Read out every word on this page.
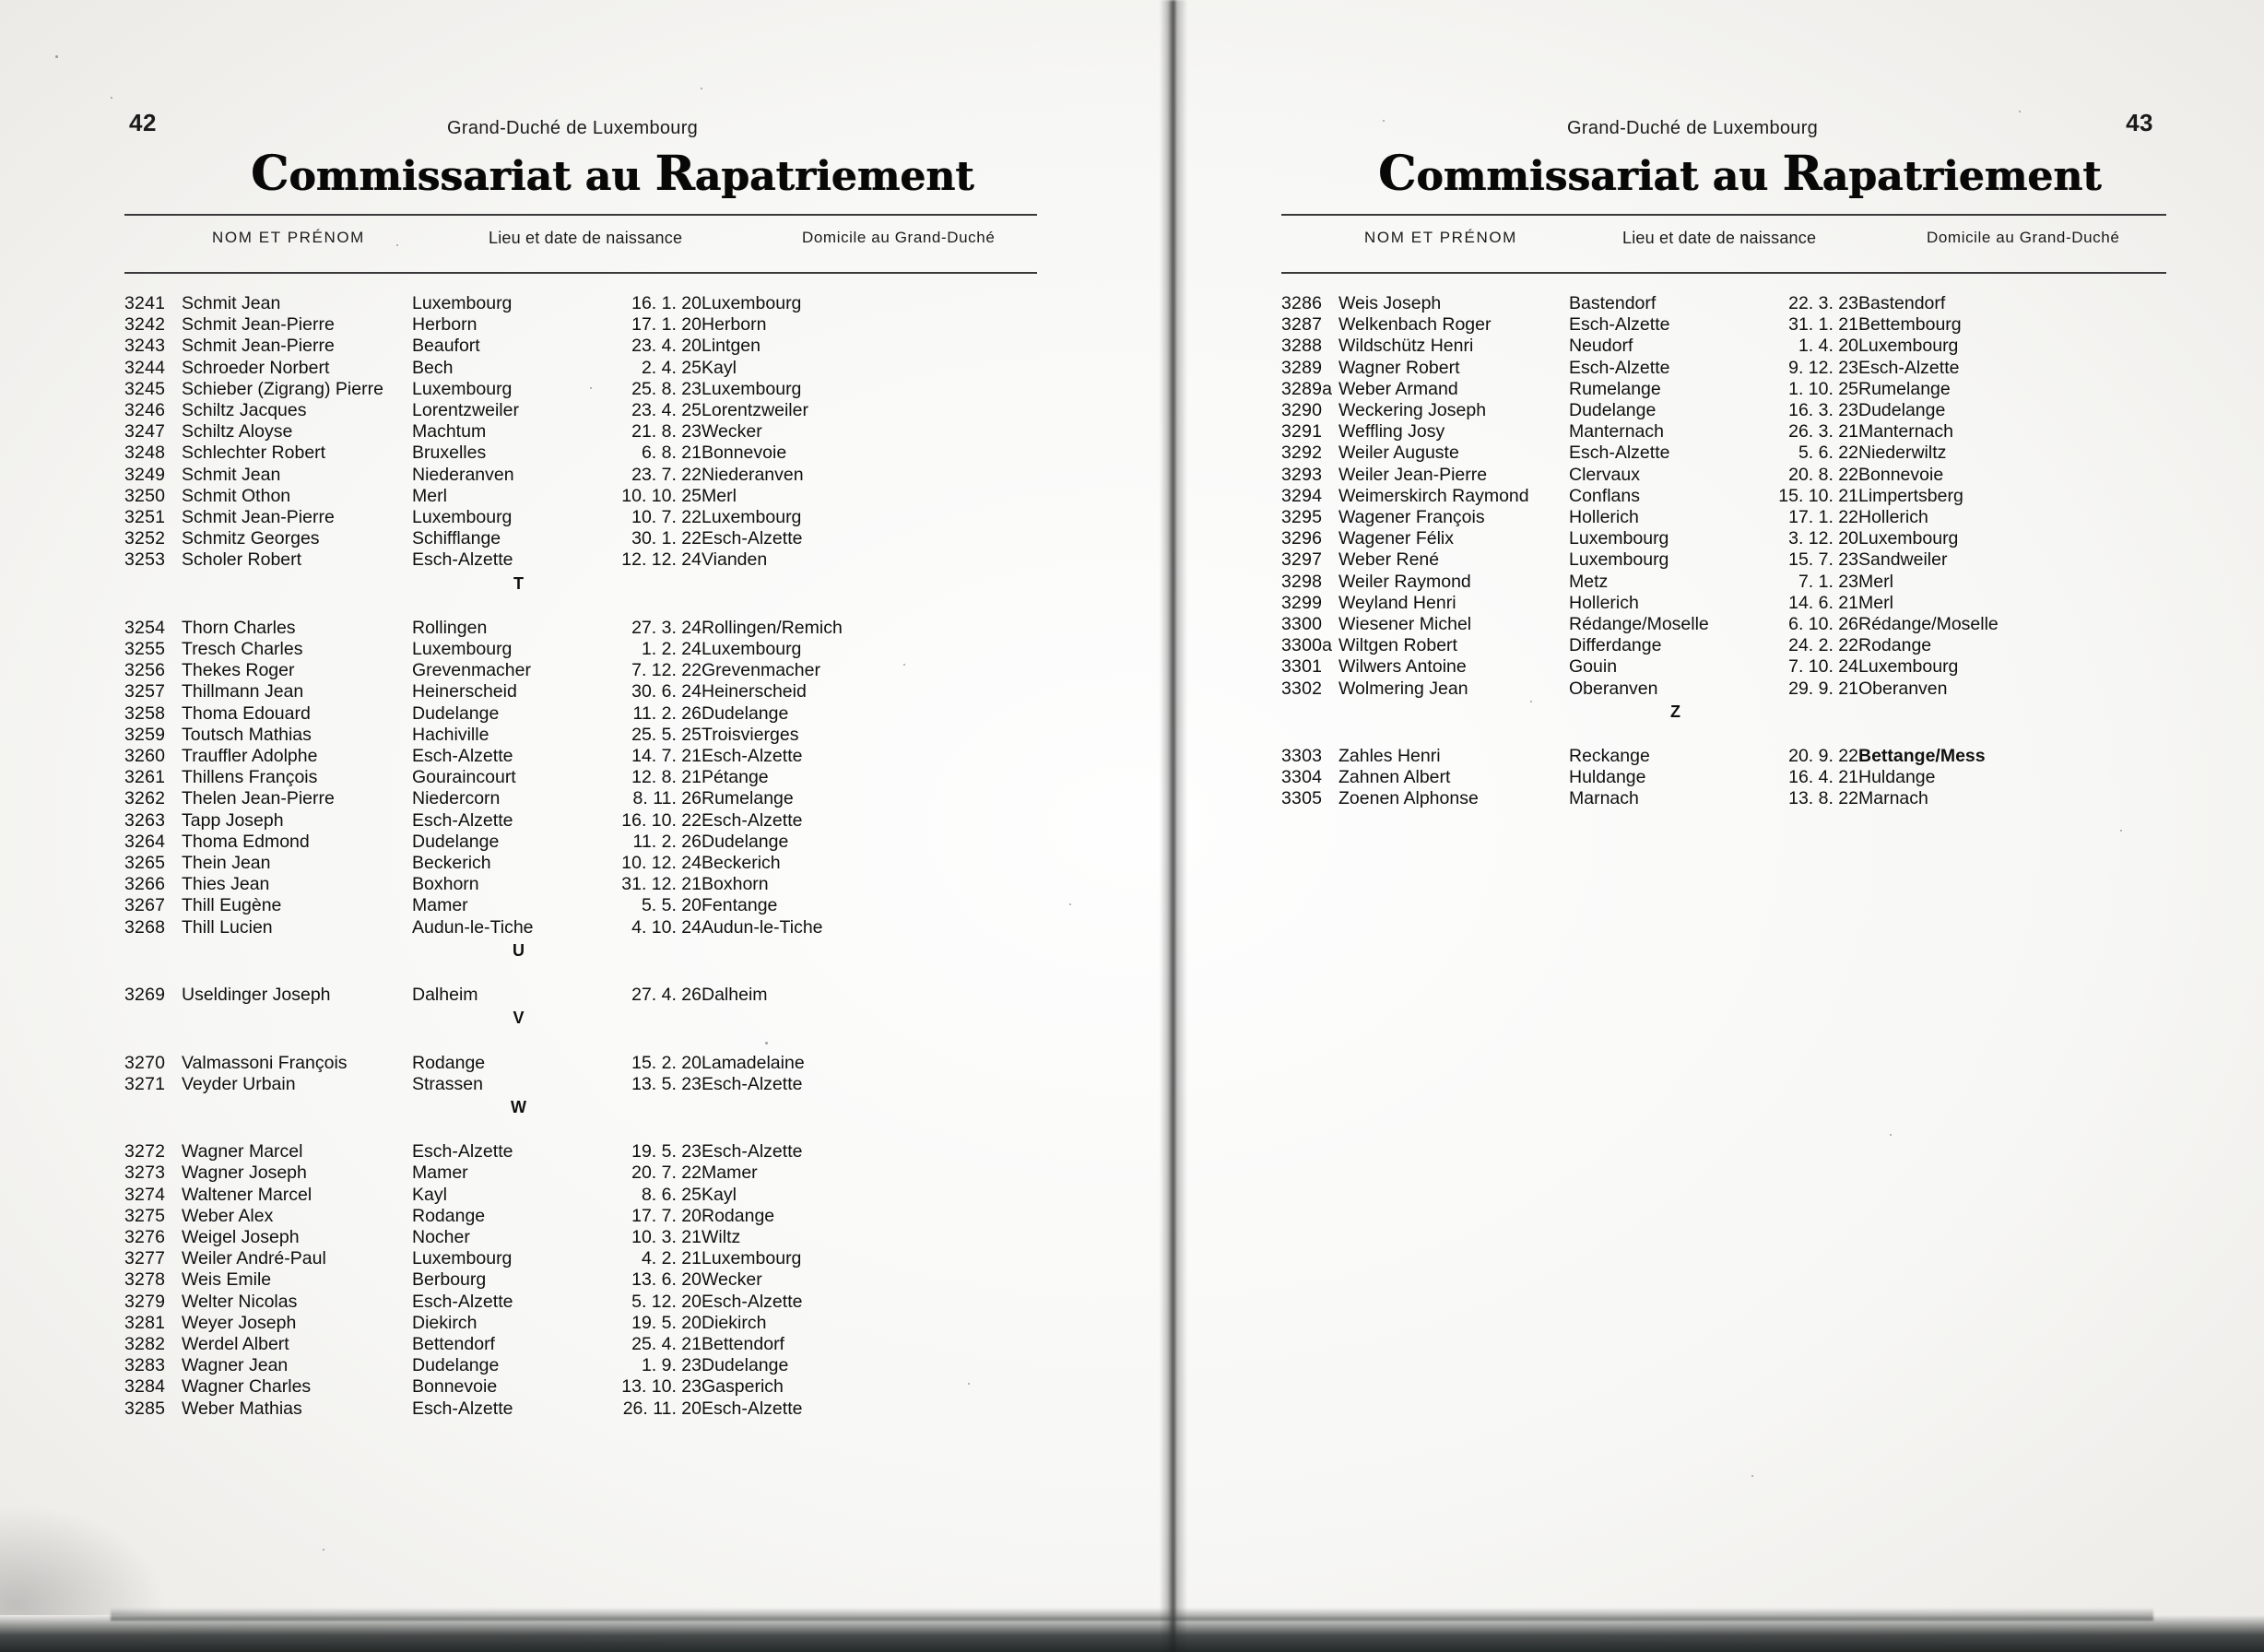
42	Grand-Duché de Luxembourg
Commissariat au Rapatriement
NOM ET PRÉNOM	Lieu et date de naissance	Domicile au Grand-Duché
3241	Schmit Jean	Luxembourg	16. 1. 20	Luxembourg
3242	Schmit Jean-Pierre	Herborn	17. 1. 20	Herborn
3243	Schmit Jean-Pierre	Beaufort	23. 4. 20	Lintgen
3244	Schroeder Norbert	Bech	2. 4. 25	Kayl
3245	Schieber (Zigrang) Pierre	Luxembourg	25. 8. 23	Luxembourg
3246	Schiltz Jacques	Lorentzweiler	23. 4. 25	Lorentzweiler
3247	Schiltz Aloyse	Machtum	21. 8. 23	Wecker
3248	Schlechter Robert	Bruxelles	6. 8. 21	Bonnevoie
3249	Schmit Jean	Niederanven	23. 7. 22	Niederanven
3250	Schmit Othon	Merl	10. 10. 25	Merl
3251	Schmit Jean-Pierre	Luxembourg	10. 7. 22	Luxembourg
3252	Schmitz Georges	Schifflange	30. 1. 22	Esch-Alzette
3253	Scholer Robert	Esch-Alzette	12. 12. 24	Vianden
T				

3254	Thorn Charles	Rollingen	27. 3. 24	Rollingen/Remich
3255	Tresch Charles	Luxembourg	1. 2. 24	Luxembourg
3256	Thekes Roger	Grevenmacher	7. 12. 22	Grevenmacher
3257	Thillmann Jean	Heinerscheid	30. 6. 24	Heinerscheid
3258	Thoma Edouard	Dudelange	11. 2. 26	Dudelange
3259	Toutsch Mathias	Hachiville	25. 5. 25	Troisvierges
3260	Trauffler Adolphe	Esch-Alzette	14. 7. 21	Esch-Alzette
3261	Thillens François	Gouraincourt	12. 8. 21	Pétange
3262	Thelen Jean-Pierre	Niedercorn	8. 11. 26	Rumelange
3263	Tapp Joseph	Esch-Alzette	16. 10. 22	Esch-Alzette
3264	Thoma Edmond	Dudelange	11. 2. 26	Dudelange
3265	Thein Jean	Beckerich	10. 12. 24	Beckerich
3266	Thies Jean	Boxhorn	31. 12. 21	Boxhorn
3267	Thill Eugène	Mamer	5. 5. 20	Fentange
3268	Thill Lucien	Audun-le-Tiche	4. 10. 24	Audun-le-Tiche
U				

3269	Useldinger Joseph	Dalheim	27. 4. 26	Dalheim
V				

3270	Valmassoni François	Rodange	15. 2. 20	Lamadelaine
3271	Veyder Urbain	Strassen	13. 5. 23	Esch-Alzette
W				

3272	Wagner Marcel	Esch-Alzette	19. 5. 23	Esch-Alzette
3273	Wagner Joseph	Mamer	20. 7. 22	Mamer
3274	Waltener Marcel	Kayl	8. 6. 25	Kayl
3275	Weber Alex	Rodange	17. 7. 20	Rodange
3276	Weigel Joseph	Nocher	10. 3. 21	Wiltz
3277	Weiler André-Paul	Luxembourg	4. 2. 21	Luxembourg
3278	Weis Emile	Berbourg	13. 6. 20	Wecker
3279	Welter Nicolas	Esch-Alzette	5. 12. 20	Esch-Alzette
3281	Weyer Joseph	Diekirch	19. 5. 20	Diekirch
3282	Werdel Albert	Bettendorf	25. 4. 21	Bettendorf
3283	Wagner Jean	Dudelange	1. 9. 23	Dudelange
3284	Wagner Charles	Bonnevoie	13. 10. 23	Gasperich
3285	Weber Mathias	Esch-Alzette	26. 11. 20	Esch-Alzette
43
Grand-Duché de Luxembourg
Commissariat au Rapatriement
NOM ET PRÉNOM	Lieu et date de naissance	Domicile au Grand-Duché
3286	Weis Joseph	Bastendorf	22. 3. 23	Bastendorf
3287	Welkenbach Roger	Esch-Alzette	31. 1. 21	Bettembourg
3288	Wildschütz Henri	Neudorf	1. 4. 20	Luxembourg
3289	Wagner Robert	Esch-Alzette	9. 12. 23	Esch-Alzette
3289a	Weber Armand	Rumelange	1. 10. 25	Rumelange
3290	Weckering Joseph	Dudelange	16. 3. 23	Dudelange
3291	Weffling Josy	Manternach	26. 3. 21	Manternach
3292	Weiler Auguste	Esch-Alzette	5. 6. 22	Niederwiltz
3293	Weiler Jean-Pierre	Clervaux	20. 8. 22	Bonnevoie
3294	Weimerskirch Raymond	Conflans	15. 10. 21	Limpertsberg
3295	Wagener François	Hollerich	17. 1. 22	Hollerich
3296	Wagener Félix	Luxembourg	3. 12. 20	Luxembourg
3297	Weber René	Luxembourg	15. 7. 23	Sandweiler
3298	Weiler Raymond	Metz	7. 1. 23	Merl
3299	Weyland Henri	Hollerich	14. 6. 21	Merl
3300	Wiesener Michel	Rédange/Moselle	6. 10. 26	Rédange/Moselle
3300a	Wiltgen Robert	Differdange	24. 2. 22	Rodange
3301	Wilwers Antoine	Gouin	7. 10. 24	Luxembourg
3302	Wolmering Jean	Oberanven	29. 9. 21	Oberanven
Z				

3303	Zahles Henri	Reckange	20. 9. 22	Bettange/Mess
3304	Zahnen Albert	Huldange	16. 4. 21	Huldange
3305	Zoenen Alphonse	Marnach	13. 8. 22	Marnach
